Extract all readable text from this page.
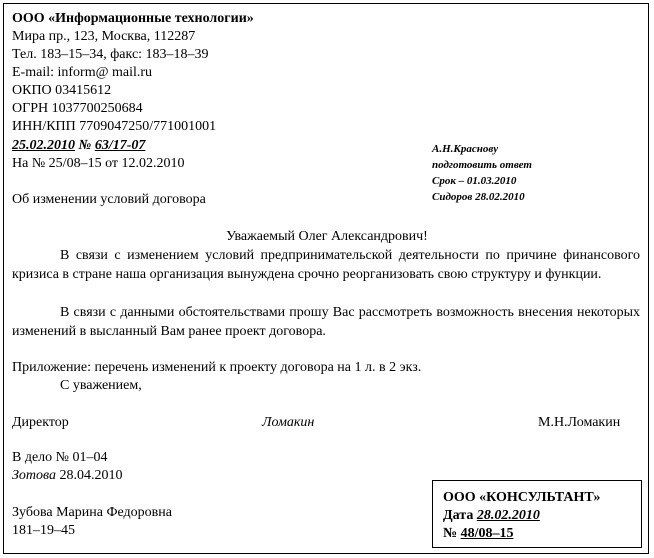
ООО «Информационные технологии»
Мира пр., 123, Москва, 112287
Тел. 183–15–34, факс: 183–18–39
E-mail: inform@ mail.ru
ОКПО 03415612
ОГРН 1037700250684
ИНН/КПП 7709047250/771001001
25.02.2010 № 63/17-07
На № 25/08–15 от 12.02.2010
Об изменении условий договора
А.Н.Краснову
подготовить ответ
Срок – 01.03.2010
Сидоров 28.02.2010
Уважаемый Олег Александрович!
В связи с изменением условий предпринимательской деятельности по причине финансового кризиса в стране наша организация вынуждена срочно реорганизовать свою структуру и функции.
В связи с данными обстоятельствами прошу Вас рассмотреть возможность внесения некоторых изменений в высланный Вам ранее проект договора.
Приложение: перечень изменений к проекту договора на 1 л. в 2 экз.
С уважением,
Директор	Ломакин	М.Н.Ломакин
В дело № 01–04
Зотова 28.04.2010
Зубова Марина Федоровна
181–19–45
ООО «КОНСУЛЬТАНТ»
Дата 28.02.2010
№ 48/08–15
